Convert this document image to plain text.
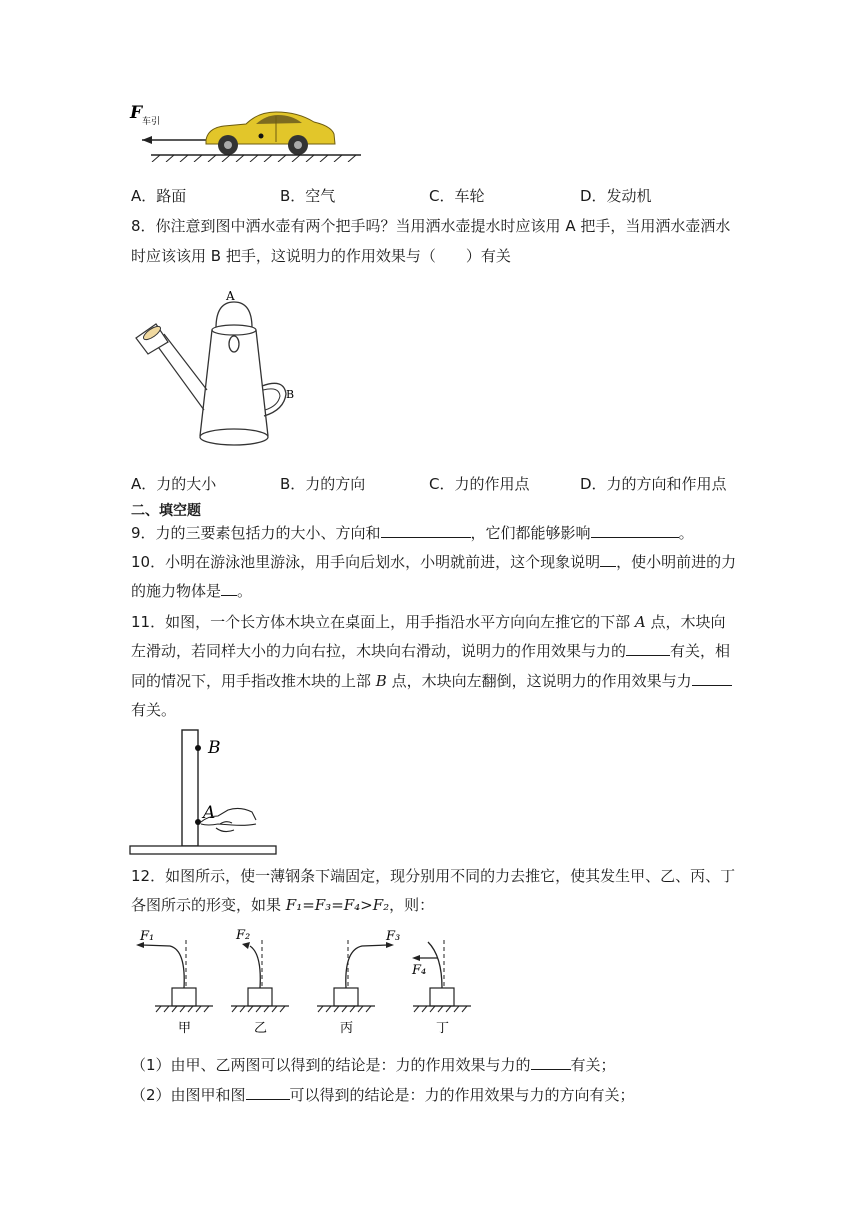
F 车引
A．路面	B．空气	C．车轮	D．发动机
8．你注意到图中洒水壶有两个把手吗？当用洒水壶提水时应该用 A 把手，当用洒水壶洒水
时应该该用 B 把手，这说明力的作用效果与（　　）有关
A
B
A．力的大小	B．力的方向	C．力的作用点	D．力的方向和作用点
二、填空题
9．力的三要素包括力的大小、方向和	，它们都能够影响	。
10．小明在游泳池里游泳，用手向后划水，小明就前进，这个现象说明 ，使小明前进的力
的施力物体是 。
11．如图，一个长方体木块立在桌面上，用手指沿水平方向向左推它的下部 A 点，木块向
左滑动，若同样大小的力向右拉，木块向右滑动，说明力的作用效果与力的	有关，相
同的情况下，用手指改推木块的上部 B 点，木块向左翻倒，这说明力的作用效果与力
有关。
B
A
12．如图所示，使一薄钢条下端固定，现分别用不同的力去推它，使其发生甲、乙、丙、丁
各图所示的形变，如果 F₁=F₃=F₄>F₂，则：
F₁
甲
F₂
乙
F₃
丙
F₄
丁
（1）由甲、乙两图可以得到的结论是：力的作用效果与力的	有关；
（2）由图甲和图	可以得到的结论是：力的作用效果与力的方向有关；
